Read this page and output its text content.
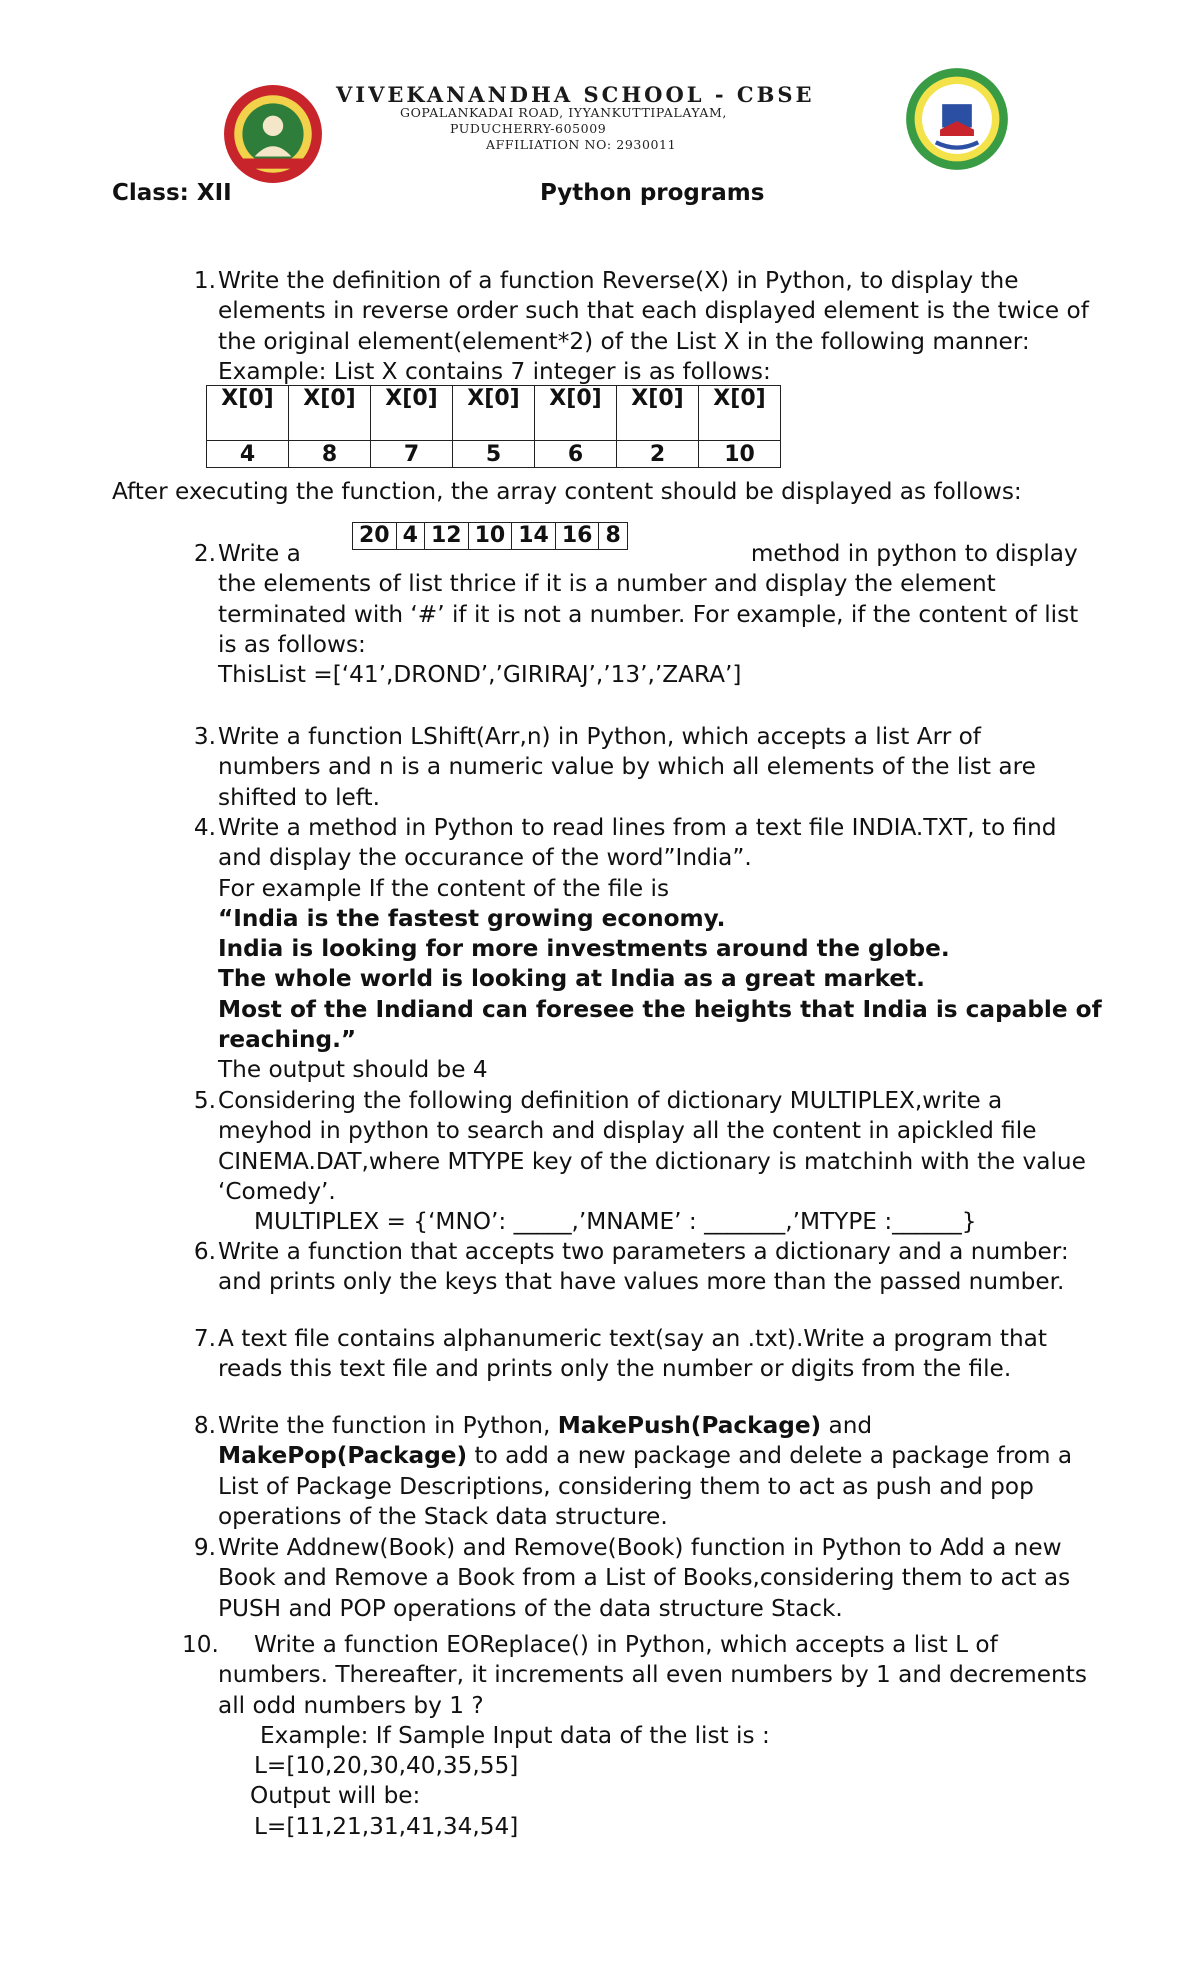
VIVEKANANDHA SCHOOL - CBSE
GOPALANKADAI ROAD, IYYANKUTTIPALAYAM,
PUDUCHERRY-605009
AFFILIATION NO: 2930011
Class: XII	Python programs
1. Write the definition of a function Reverse(X) in Python, to display the
elements in reverse order such that each displayed element is the twice of
the original element(element*2) of the List X in the following manner:
Example: List X contains 7 integer is as follows:
X[0]	X[0]	X[0]	X[0]	X[0]	X[0]	X[0]
4	8	7	5	6	2	10
After executing the function, the array content should be displayed as follows:
20	4	12	10	14	16	8
2. Write a	method in python to display
the elements of list thrice if it is a number and display the element
terminated with ‘#’ if it is not a number. For example, if the content of list
is as follows:
ThisList =[‘41’,DROND’,’GIRIRAJ’,’13’,’ZARA’]
3. Write a function LShift(Arr,n) in Python, which accepts a list Arr of
numbers and n is a numeric value by which all elements of the list are
shifted to left.
4. Write a method in Python to read lines from a text file INDIA.TXT, to find
and display the occurance of the word”India”.
For example If the content of the file is
“India is the fastest growing economy.
India is looking for more investments around the globe.
The whole world is looking at India as a great market.
Most of the Indiand can foresee the heights that India is capable of
reaching.”
The output should be 4
5. Considering the following definition of dictionary MULTIPLEX,write a
meyhod in python to search and display all the content in apickled file
CINEMA.DAT,where MTYPE key of the dictionary is matchinh with the value
‘Comedy’.
MULTIPLEX = {‘MNO’: _____,’MNAME’ : _______,’MTYPE :______}
6. Write a function that accepts two parameters a dictionary and a number:
and prints only the keys that have values more than the passed number.
7. A text file contains alphanumeric text(say an .txt).Write a program that
reads this text file and prints only the number or digits from the file.
8. Write the function in Python, MakePush(Package) and
MakePop(Package) to add a new package and delete a package from a
List of Package Descriptions, considering them to act as push and pop
operations of the Stack data structure.
9. Write Addnew(Book) and Remove(Book) function in Python to Add a new
Book and Remove a Book from a List of Books,considering them to act as
PUSH and POP operations of the data structure Stack.
10.	Write a function EOReplace() in Python, which accepts a list L of
numbers. Thereafter, it increments all even numbers by 1 and decrements
all odd numbers by 1 ?
Example: If Sample Input data of the list is :
L=[10,20,30,40,35,55]
Output will be:
L=[11,21,31,41,34,54]
